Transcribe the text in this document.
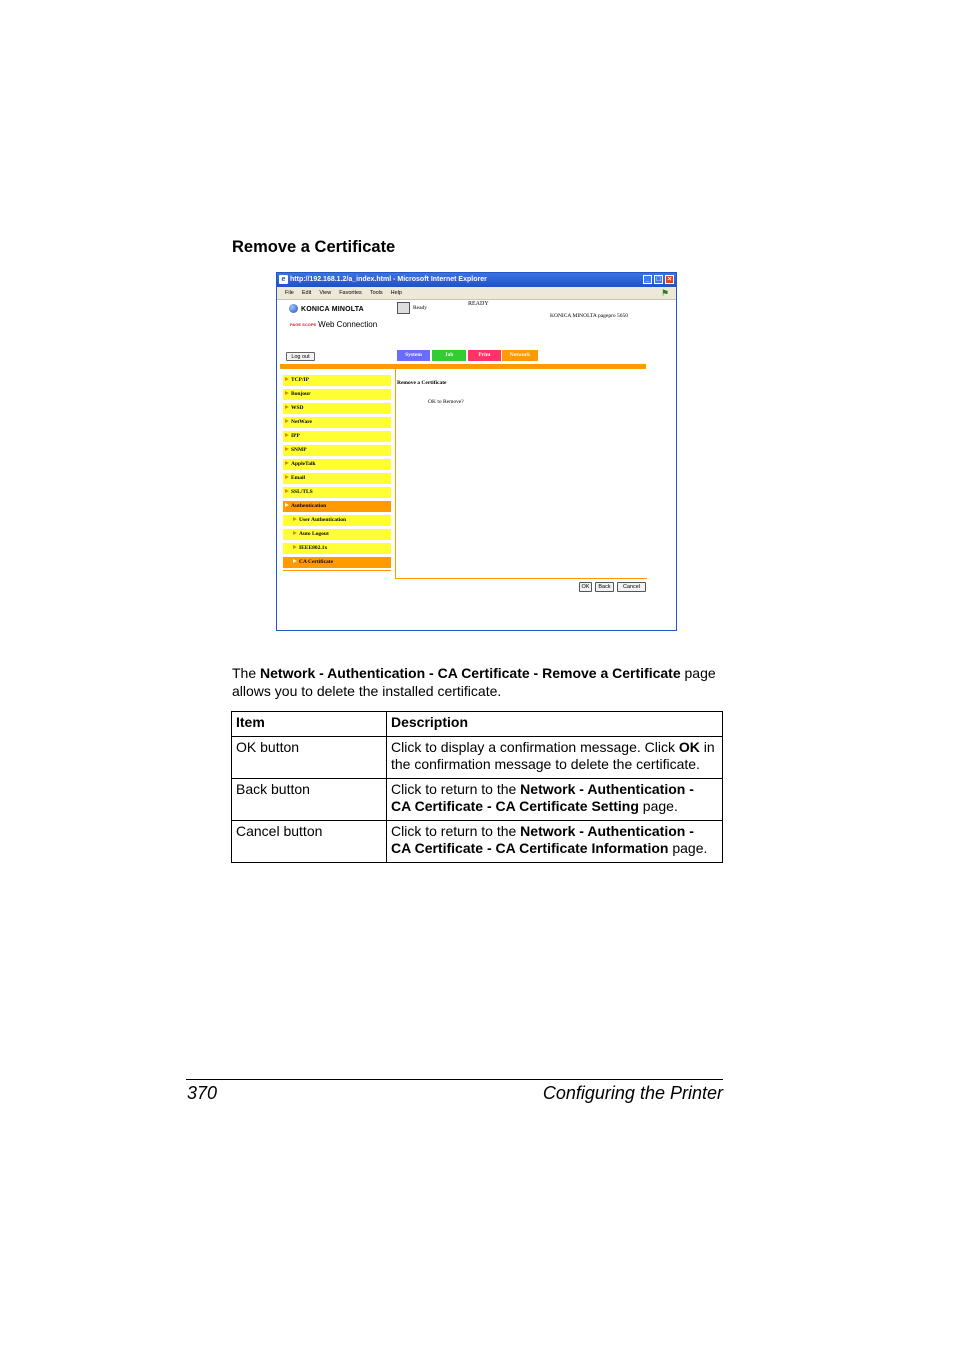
Remove a Certificate
e http://192.168.1.2/a_index.html - Microsoft Internet Explorer	_ □ ×
File Edit View Favorites Tools Help	⚑
KONICA MINOLTA
PAGE SCOPE Web Connection
Ready
READY
KONICA MINOLTA pagepro 5650
Log out	System	Job	Print	Network
TCP/IP
Bonjour
WSD
NetWare
IPP
SNMP
AppleTalk
Email
SSL/TLS
Authentication
User Authentication
Auto Logout
IEEE802.1x
CA Certificate
Remove a Certificate
OK to Remove?
OK	Back	Cancel
The Network - Authentication - CA Certificate - Remove a Certificate page allows you to delete the installed certificate.
Item	Description
OK button	Click to display a confirmation message. Click OK in the confirmation message to delete the certificate.
Back button	Click to return to the Network - Authentication - CA Certificate - CA Certificate Setting page.
Cancel button	Click to return to the Network - Authentication - CA Certificate - CA Certificate Information page.
370	Configuring the Printer
